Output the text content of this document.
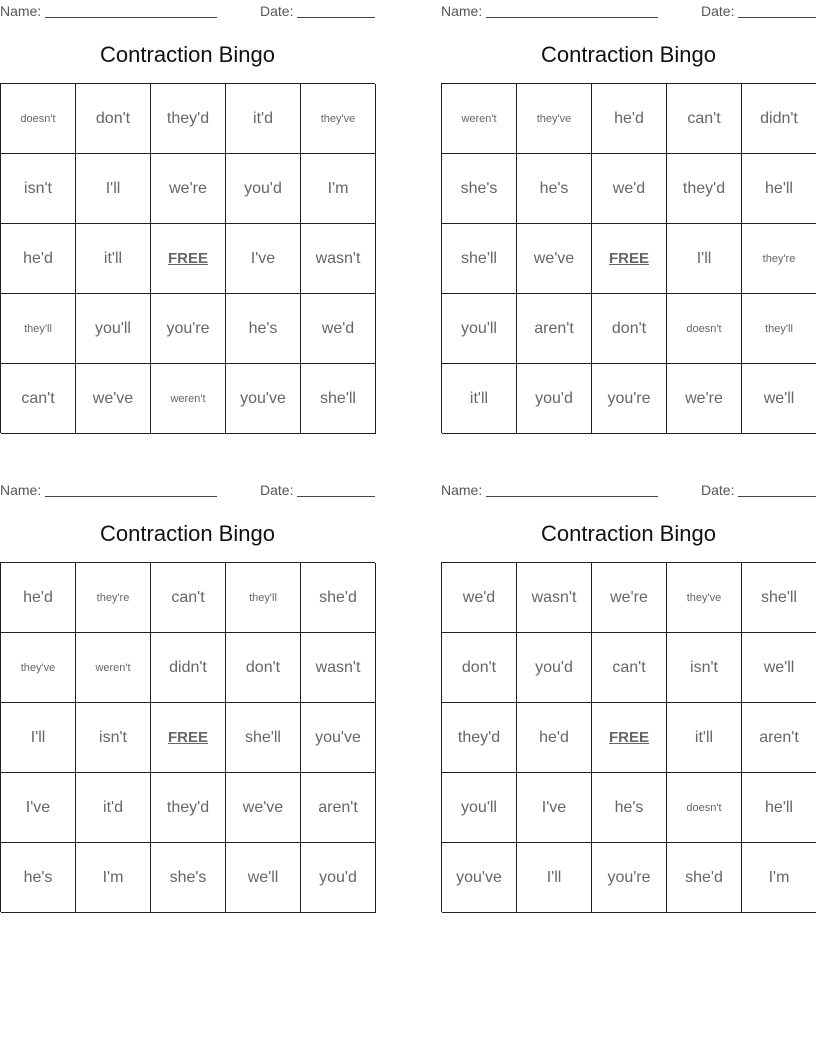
Name:	Date:
Contraction Bingo
doesn't	don't	they'd	it'd	they've
isn't	I'll	we're	you'd	I'm
he'd	it'll	FREE	I've	wasn't
they'll	you'll	you're	he's	we'd
can't	we've	weren't	you've	she'll
Name:	Date:
Contraction Bingo
weren't	they've	he'd	can't	didn't
she's	he's	we'd	they'd	he'll
she'll	we've	FREE	I'll	they're
you'll	aren't	don't	doesn't	they'll
it'll	you'd	you're	we're	we'll
Name:	Date:
Contraction Bingo
he'd	they're	can't	they'll	she'd
they've	weren't	didn't	don't	wasn't
I'll	isn't	FREE	she'll	you've
I've	it'd	they'd	we've	aren't
he's	I'm	she's	we'll	you'd
Name:	Date:
Contraction Bingo
we'd	wasn't	we're	they've	she'll
don't	you'd	can't	isn't	we'll
they'd	he'd	FREE	it'll	aren't
you'll	I've	he's	doesn't	he'll
you've	I'll	you're	she'd	I'm
